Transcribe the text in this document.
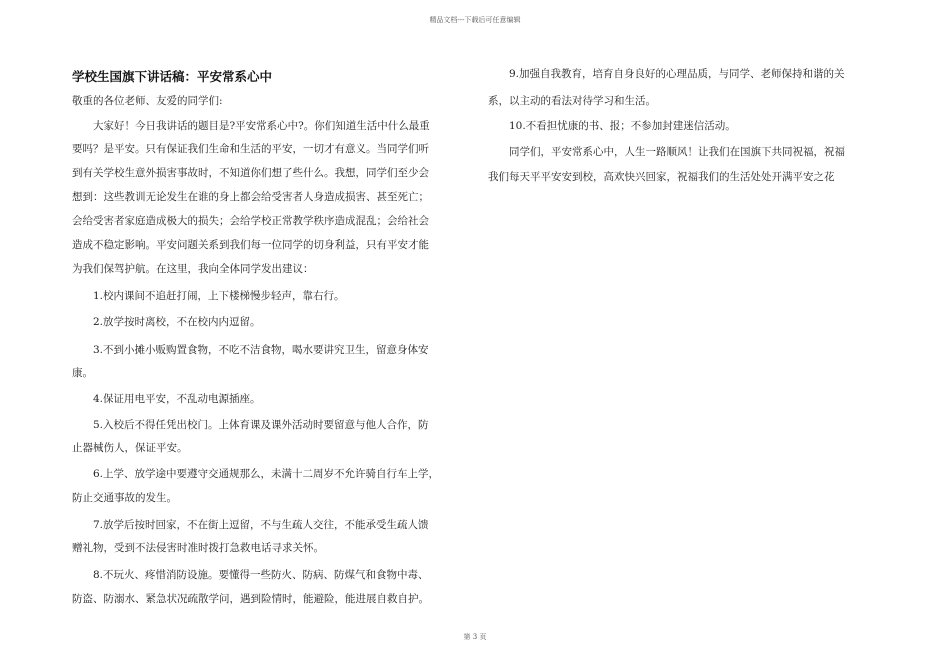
精品文档---下载后可任意编辑
学校生国旗下讲话稿：平安常系心中
敬重的各位老师、友爱的同学们:
大家好！今日我讲话的题目是?平安常系心中?。你们知道生活中什么最重
要吗？是平安。只有保证我们生命和生活的平安，一切才有意义。当同学们听
到有关学校生意外损害事故时，不知道你们想了些什么。我想，同学们至少会
想到：这些教训无论发生在谁的身上都会给受害者人身造成损害、甚至死亡；
会给受害者家庭造成极大的损失；会给学校正常教学秩序造成混乱；会给社会
造成不稳定影响。平安问题关系到我们每一位同学的切身利益，只有平安才能
为我们保驾护航。在这里，我向全体同学发出建议：
1.校内课间不追赶打闹，上下楼梯慢步轻声，靠右行。
2.放学按时离校，不在校内内逗留。
3.不到小摊小贩购置食物，不吃不洁食物，喝水要讲究卫生，留意身体安
康。
4.保证用电平安，不乱动电源插座。
5.入校后不得任凭出校门。上体育课及课外活动时要留意与他人合作，防
止器械伤人，保证平安。
6.上学、放学途中要遵守交通规那么，未满十二周岁不允许骑自行车上学，
防止交通事故的发生。
7.放学后按时回家，不在街上逗留，不与生疏人交往，不能承受生疏人馈
赠礼物，受到不法侵害时准时拨打急救电话寻求关怀。
8.不玩火、疼惜消防设施。要懂得一些防火、防病、防煤气和食物中毒、
防盗、防溺水、紧急状况疏散学问，遇到险情时，能避险，能进展自救自护。
9.加强自我教育，培育自身良好的心理品质，与同学、老师保持和谐的关
系，以主动的看法对待学习和生活。
10.不看担忧康的书、报；不参加封建迷信活动。
同学们，平安常系心中，人生一路顺风！让我们在国旗下共同祝福，祝福
我们每天平平安安到校，高欢快兴回家，祝福我们的生活处处开满平安之花
第 3 页
